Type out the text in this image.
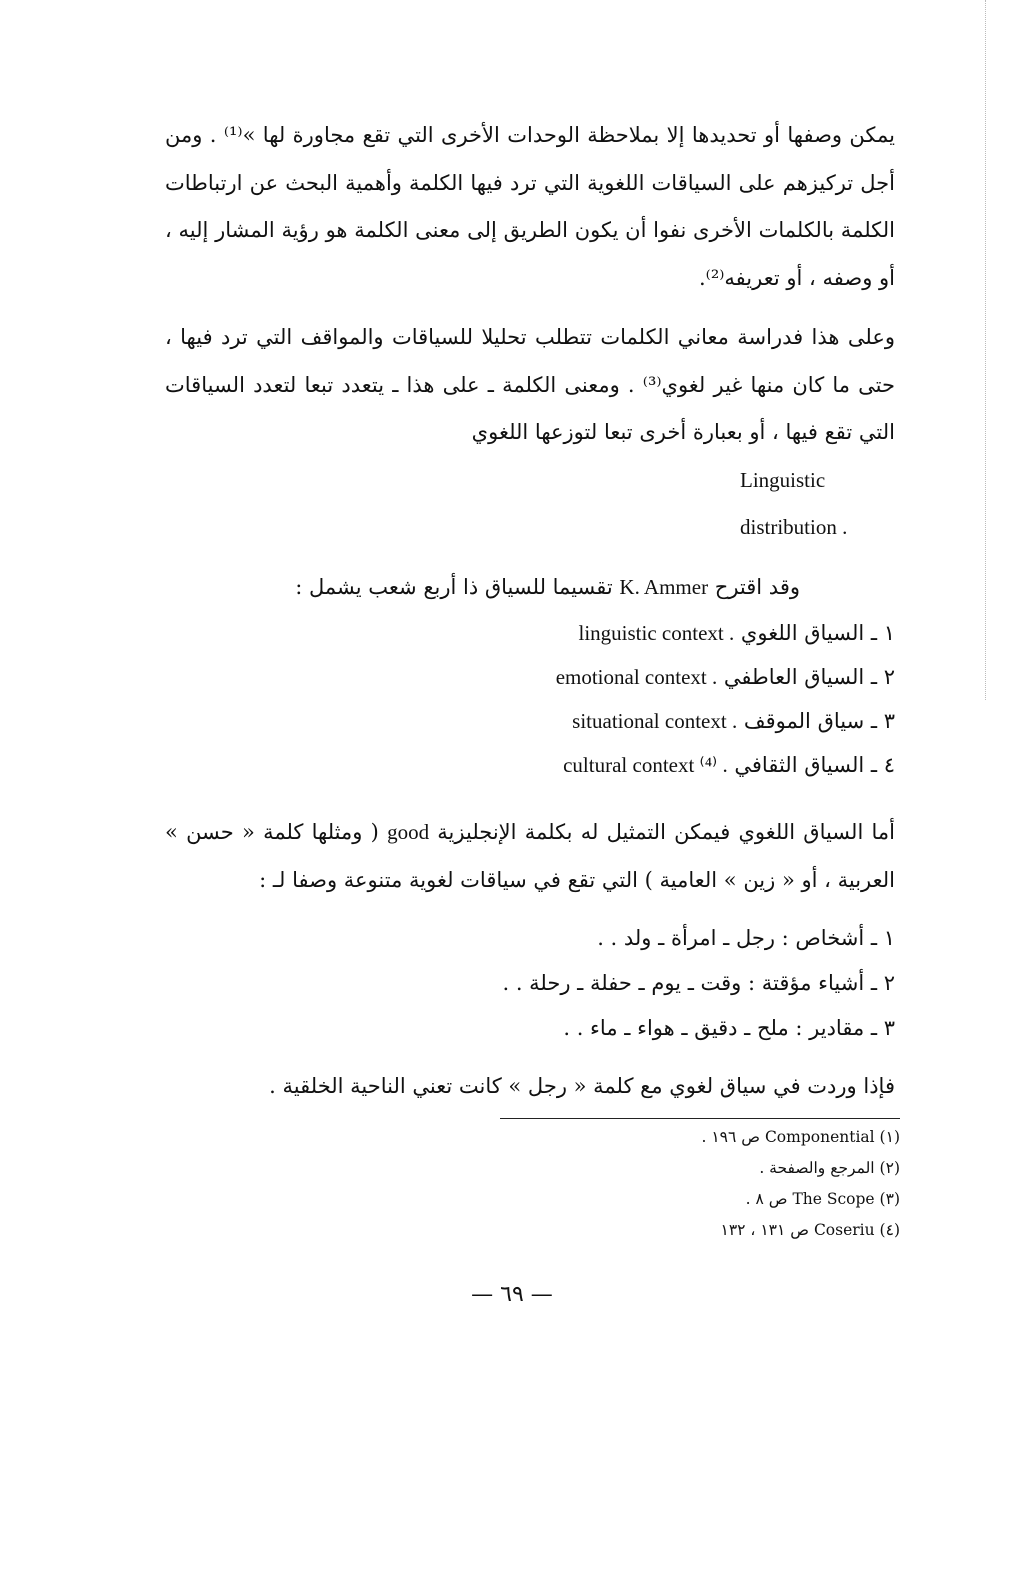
يمكن وصفها أو تحديدها إلا بملاحظة الوحدات الأخرى التي تقع مجاورة لها »⁽¹⁾ . ومن أجل تركيزهم على السياقات اللغوية التي ترد فيها الكلمة وأهمية البحث عن ارتباطات الكلمة بالكلمات الأخرى نفوا أن يكون الطريق إلى معنى الكلمة هو رؤية المشار إليه ، أو وصفه ، أو تعريفه⁽²⁾.

وعلى هذا فدراسة معاني الكلمات تتطلب تحليلا للسياقات والمواقف التي ترد فيها ، حتى ما كان منها غير لغوي⁽³⁾ . ومعنى الكلمة ـ على هذا ـ يتعدد تبعا لتعدد السياقات التي تقع فيها ، أو بعبارة أخرى تبعا لتوزعها اللغوي
Linguistic distribution .

وقد اقترح K. Ammer تقسيما للسياق ذا أربع شعب يشمل :

١ ـ السياق اللغوي linguistic context .
٢ ـ السياق العاطفي emotional context .
٣ ـ سياق الموقف situational context .
٤ ـ السياق الثقافي cultural context ⁽⁴⁾ .

أما السياق اللغوي فيمكن التمثيل له بكلمة الإنجليزية good ( ومثلها كلمة « حسن » العربية ، أو « زين » العامية ) التي تقع في سياقات لغوية متنوعة وصفا لـ :

١ ـ أشخاص : رجل ـ امرأة ـ ولد . .
٢ ـ أشياء مؤقتة : وقت ـ يوم ـ حفلة ـ رحلة . .
٣ ـ مقادير : ملح ـ دقيق ـ هواء ـ ماء . .

فإذا وردت في سياق لغوي مع كلمة « رجل » كانت تعني الناحية الخلقية .

(١) Componential ص ١٩٦ .

(٢) المرجع والصفحة .

(٣) The Scope ص ٨ .

(٤) Coseriu ص ١٣١ ، ١٣٢

— ٦٩ —
